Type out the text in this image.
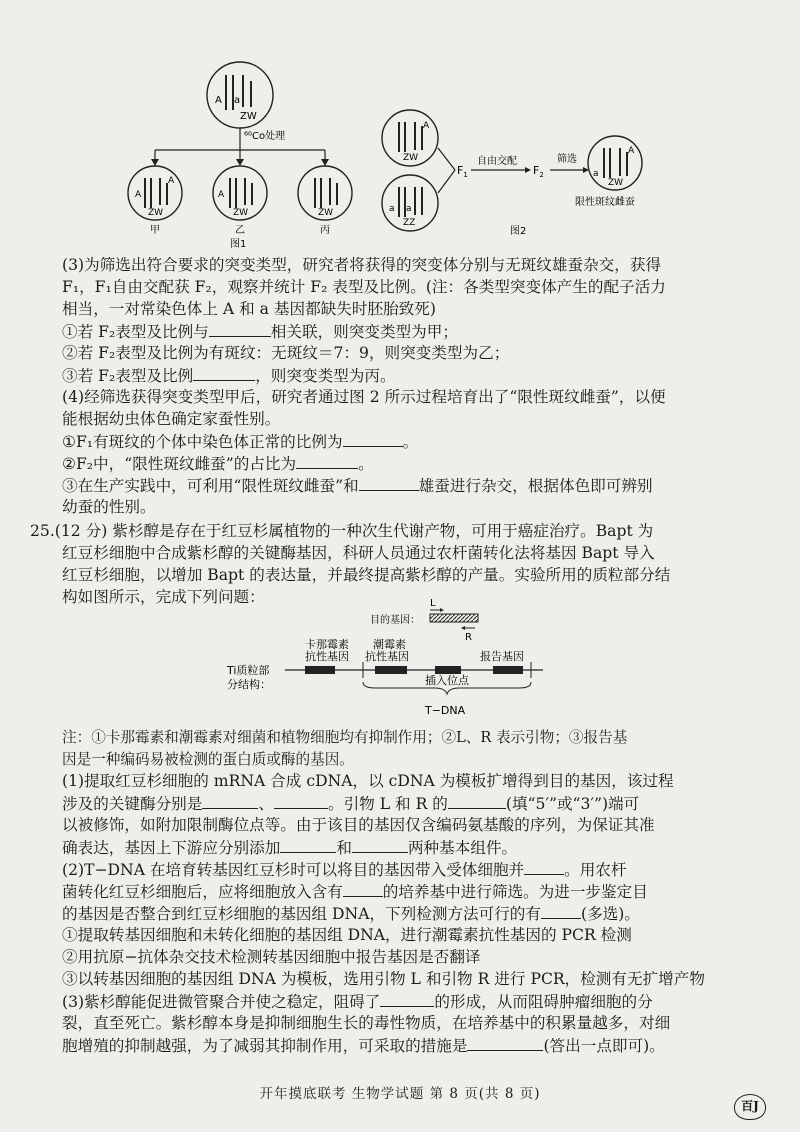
A a
ZW
⁶⁰Co处理
A	A
A
ZW	ZW	ZW
甲	乙	丙
图1
A
ZW
a a
ZZ
$F_1$
自由交配
$F_2$
筛选
A
a
ZW
限性斑纹雌蚕
图2
(3)为筛选出符合要求的突变类型，研究者将获得的突变体分别与无斑纹雄蚕杂交，获得
F₁，F₁自由交配获 F₂，观察并统计 F₂ 表型及比例。(注：各类型突变体产生的配子活力
相当，一对常染色体上 A 和 a 基因都缺失时胚胎致死)
①若 F₂表型及比例与	相关联，则突变类型为甲；
②若 F₂表型及比例为有斑纹：无斑纹＝7：9，则突变类型为乙；
③若 F₂表型及比例	，则突变类型为丙。
(4)经筛选获得突变类型甲后，研究者通过图 2 所示过程培育出了“限性斑纹雌蚕”，以便
能根据幼虫体色确定家蚕性别。
①F₁有斑纹的个体中染色体正常的比例为	。
②F₂中，“限性斑纹雌蚕”的占比为	。
③在生产实践中，可利用“限性斑纹雌蚕”和	雄蚕进行杂交，根据体色即可辨别
幼蚕的性别。
25.(12 分) 紫杉醇是存在于红豆杉属植物的一种次生代谢产物，可用于癌症治疗。Bapt 为
红豆杉细胞中合成紫杉醇的关键酶基因，科研人员通过农杆菌转化法将基因 Bapt 导入
红豆杉细胞，以增加 Bapt 的表达量，并最终提高紫杉醇的产量。实验所用的质粒部分结
构如图所示，完成下列问题：
目的基因：
L
R
卡那霉素
抗性基因
潮霉素
抗性基因	报告基因
Ti质粒部
分结构：	插入位点
T−DNA
注：①卡那霉素和潮霉素对细菌和植物细胞均有抑制作用；②L、R 表示引物；③报告基
因是一种编码易被检测的蛋白质或酶的基因。
(1)提取红豆杉细胞的 mRNA 合成 cDNA，以 cDNA 为模板扩增得到目的基因，该过程
涉及的关键酶分别是	、	。引物 L 和 R 的	(填“5′”或“3′”)端可
以被修饰，如附加限制酶位点等。由于该目的基因仅含编码氨基酸的序列，为保证其准
确表达，基因上下游应分别添加	和	两种基本组件。
(2)T−DNA 在培育转基因红豆杉时可以将目的基因带入受体细胞并	。用农杆
菌转化红豆杉细胞后，应将细胞放入含有	的培养基中进行筛选。为进一步鉴定目
的基因是否整合到红豆杉细胞的基因组 DNA，下列检测方法可行的有	(多选)。
①提取转基因细胞和未转化细胞的基因组 DNA，进行潮霉素抗性基因的 PCR 检测
②用抗原−抗体杂交技术检测转基因细胞中报告基因是否翻译
③以转基因细胞的基因组 DNA 为模板，选用引物 L 和引物 R 进行 PCR，检测有无扩增产物
(3)紫杉醇能促进微管聚合并使之稳定，阻碍了	的形成，从而阻碍肿瘤细胞的分
裂，直至死亡。紫杉醇本身是抑制细胞生长的毒性物质，在培养基中的积累量越多，对细
胞增殖的抑制越强，为了减弱其抑制作用，可采取的措施是	(答出一点即可)。
开年摸底联考 生物学试题 第 8 页(共 8 页)
百J
